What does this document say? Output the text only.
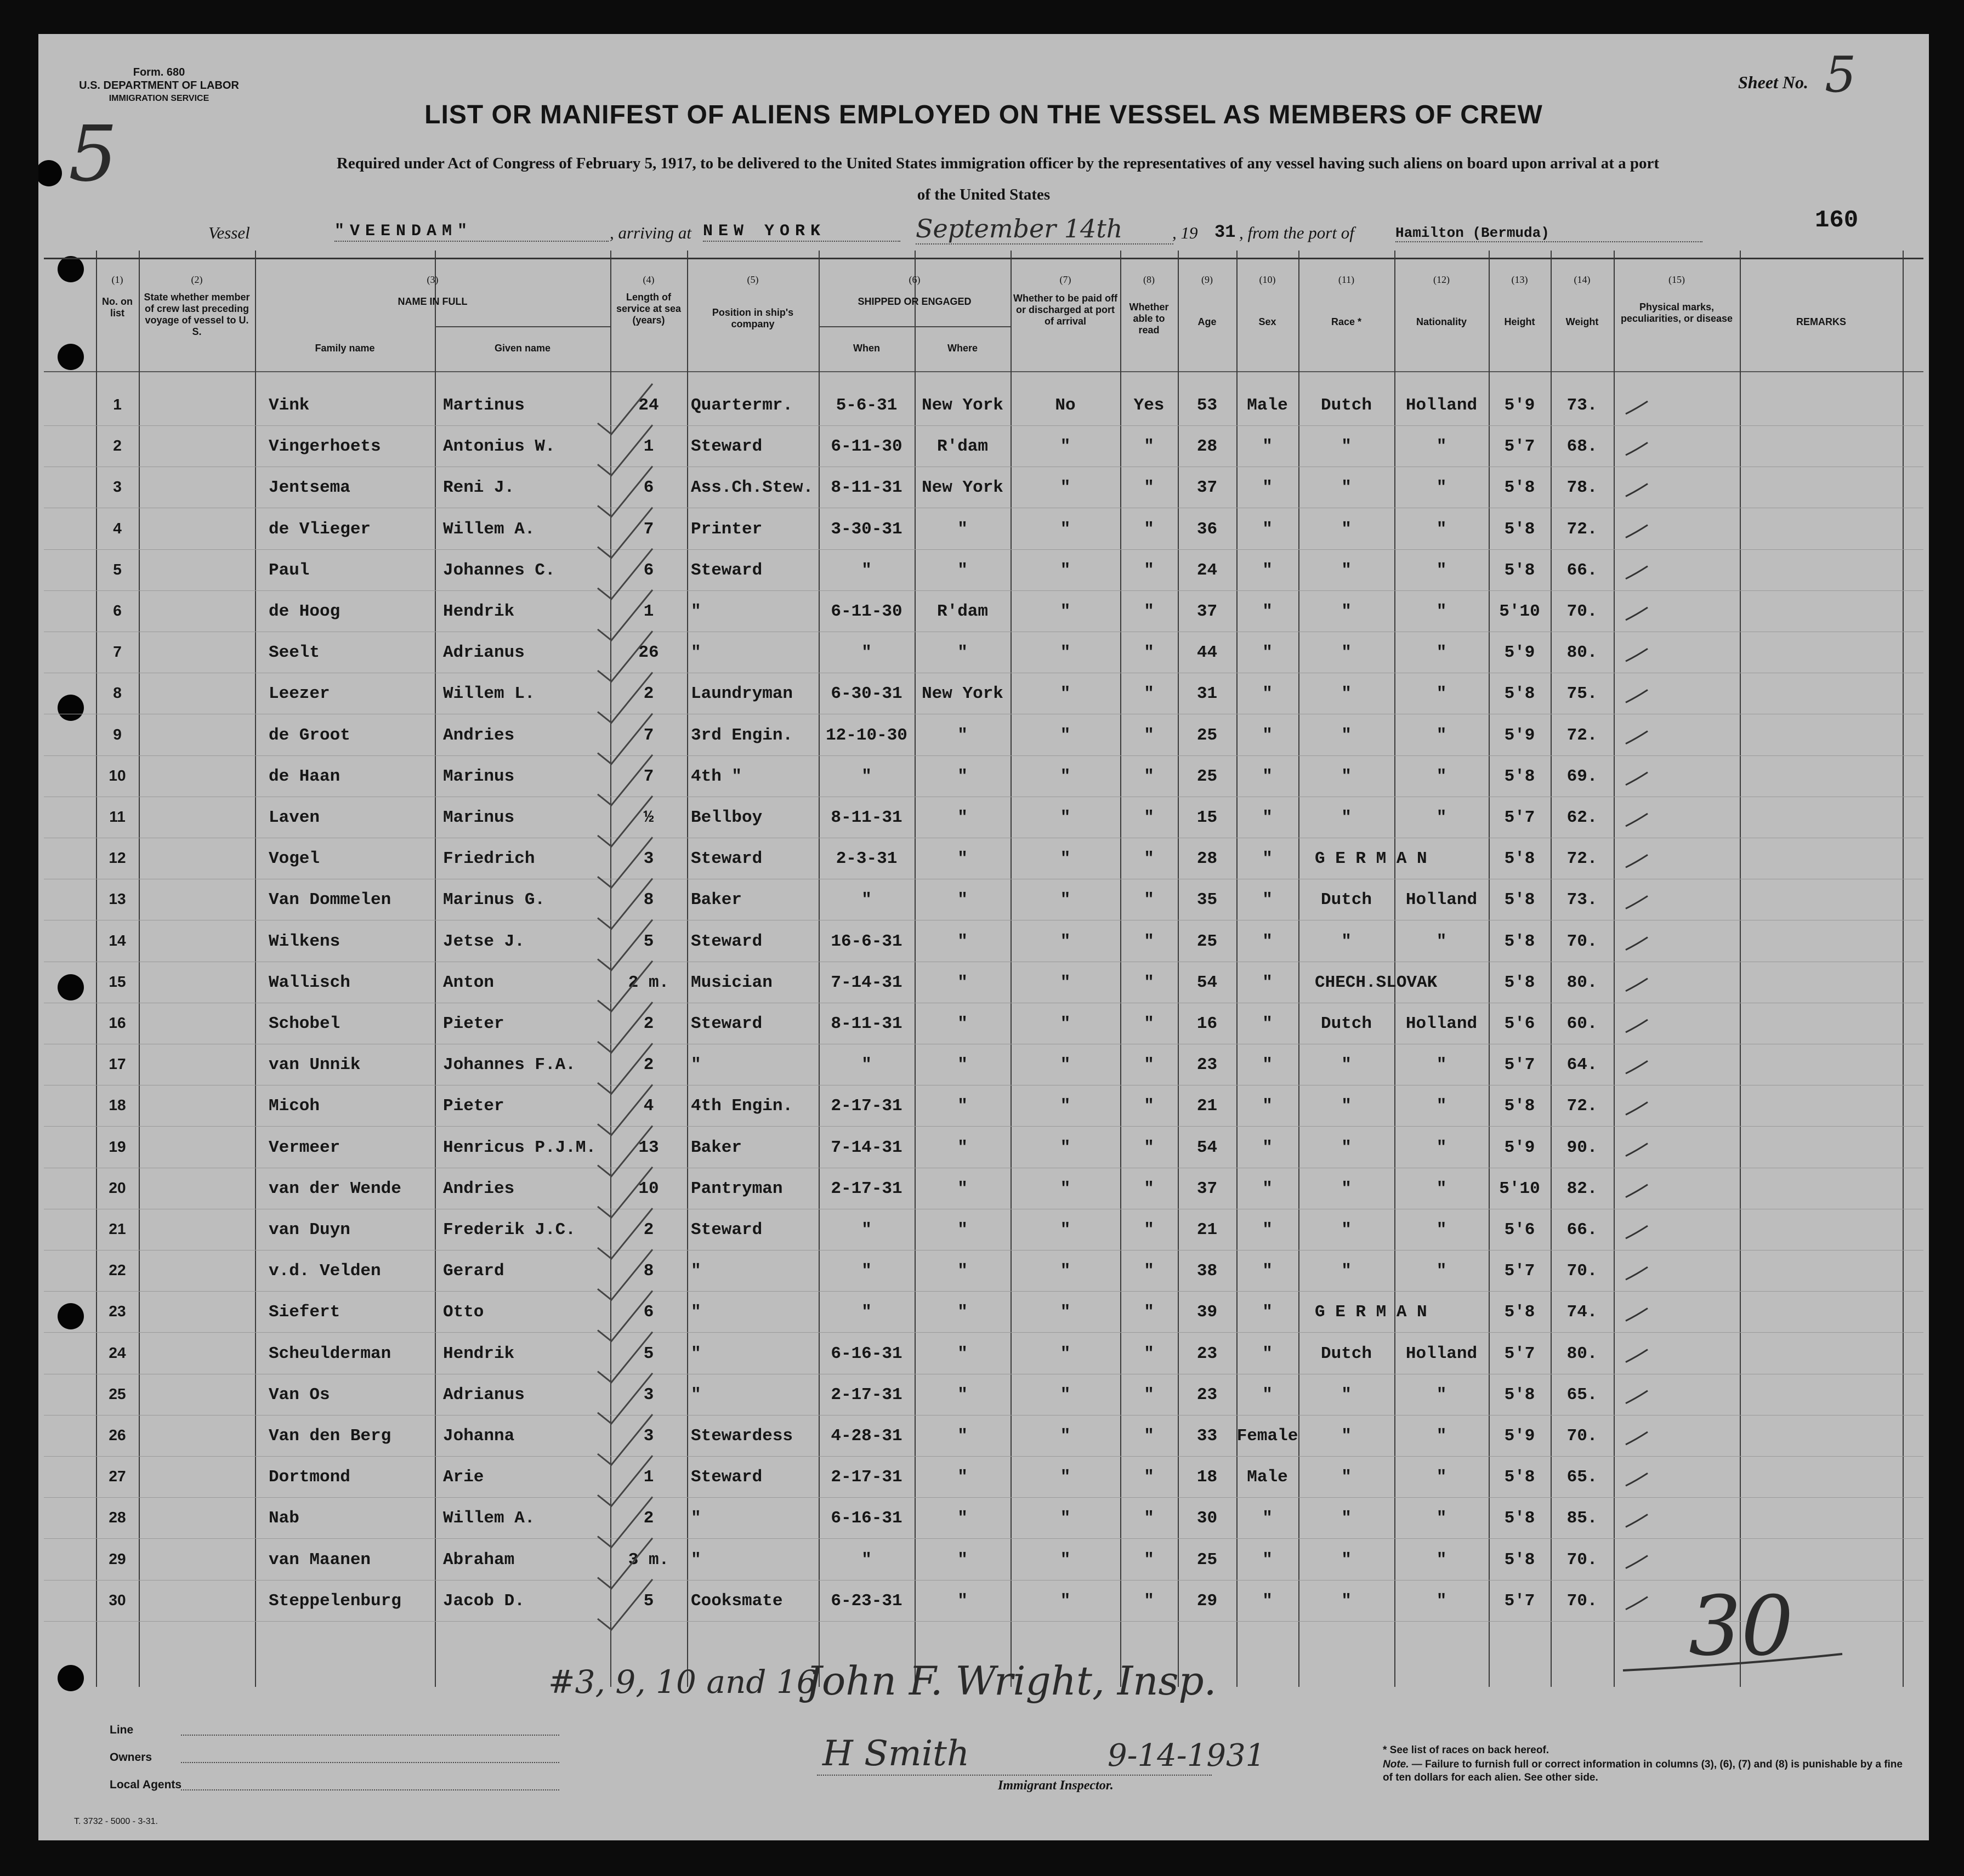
Form. 680
U.S. DEPARTMENT OF LABOR
IMMIGRATION SERVICE
5
Sheet No. 5
LIST OR MANIFEST OF ALIENS EMPLOYED ON THE VESSEL AS MEMBERS OF CREW
Required under Act of Congress of February 5, 1917, to be delivered to the United States immigration officer by the representatives of any vessel having such aliens on board upon arrival at a port
of the United States
Vessel	"VEENDAM"	, arriving at NEW YORK	September 14th	, 19 31 , from the port of	Hamilton (Bermuda)	160
(1)	(2)	(3)	(4)	(5)	(6)	(7)	(8)	(9)	(10)	(11)	(12)	(13)	(14)	(15)
No. on list
State whether member of crew last preceding voyage of vessel to U. S.
NAME IN FULL
Family name	Given name
Length of service at sea (years)
Position in ship's company
SHIPPED OR ENGAGED
When	Where
Whether to be paid off or discharged at port of arrival
Whether able to read
Age	Sex	Race *	Nationality	Height	Weight
Physical marks, peculiarities, or disease	REMARKS
1	Vink	Martinus	24	Quartermr.	5-6-31	New York	No	Yes	53	Male	Dutch	Holland	5'9	73.
2	Vingerhoets	Antonius W.	1	Steward	6-11-30	R'dam	"	"	28	"	"	"	5'7	68.
3	Jentsema	Reni J.	6	Ass.Ch.Stew.	8-11-31	New York	"	"	37	"	"	"	5'8	78.
4	de Vlieger	Willem A.	7	Printer	3-30-31	"	"	"	36	"	"	"	5'8	72.
5	Paul	Johannes C.	6	Steward	"	"	"	"	24	"	"	"	5'8	66.
6	de Hoog	Hendrik	1	"	6-11-30	R'dam	"	"	37	"	"	"	5'10	70.
7	Seelt	Adrianus	26	"	"	"	"	"	44	"	"	"	5'9	80.
8	Leezer	Willem L.	2	Laundryman	6-30-31	New York	"	"	31	"	"	"	5'8	75.
9	de Groot	Andries	7	3rd Engin.	12-10-30	"	"	"	25	"	"	"	5'9	72.
10	de Haan	Marinus	7	4th "	"	"	"	"	25	"	"	"	5'8	69.
11	Laven	Marinus	½	Bellboy	8-11-31	"	"	"	15	"	"	"	5'7	62.
12	Vogel	Friedrich	3	Steward	2-3-31	"	"	"	28	"	G E R M A N	5'8	72.
13	Van Dommelen	Marinus G.	8	Baker	"	"	"	"	35	"	Dutch	Holland	5'8	73.
14	Wilkens	Jetse J.	5	Steward	16-6-31	"	"	"	25	"	"	"	5'8	70.
15	Wallisch	Anton	2 m.	Musician	7-14-31	"	"	"	54	"	CHECH.SLOVAK	5'8	80.
16	Schobel	Pieter	2	Steward	8-11-31	"	"	"	16	"	Dutch	Holland	5'6	60.
17	van Unnik	Johannes F.A.	2	"	"	"	"	"	23	"	"	"	5'7	64.
18	Micoh	Pieter	4	4th Engin.	2-17-31	"	"	"	21	"	"	"	5'8	72.
19	Vermeer	Henricus P.J.M.	13	Baker	7-14-31	"	"	"	54	"	"	"	5'9	90.
20	van der Wende	Andries	10	Pantryman	2-17-31	"	"	"	37	"	"	"	5'10	82.
21	van Duyn	Frederik J.C.	2	Steward	"	"	"	"	21	"	"	"	5'6	66.
22	v.d. Velden	Gerard	8	"	"	"	"	"	38	"	"	"	5'7	70.
23	Siefert	Otto	6	"	"	"	"	"	39	"	G E R M A N	5'8	74.
24	Scheulderman	Hendrik	5	"	6-16-31	"	"	"	23	"	Dutch	Holland	5'7	80.
25	Van Os	Adrianus	3	"	2-17-31	"	"	"	23	"	"	"	5'8	65.
26	Van den Berg	Johanna	3	Stewardess	4-28-31	"	"	"	33	Female	"	"	5'9	70.
27	Dortmond	Arie	1	Steward	2-17-31	"	"	"	18	Male	"	"	5'8	65.
28	Nab	Willem A.	2	"	6-16-31	"	"	"	30	"	"	"	5'8	85.
29	van Maanen	Abraham	3 m.	"	"	"	"	"	25	"	"	"	5'8	70.
30	Steppelenburg	Jacob D.	5	Cooksmate	6-23-31	"	"	"	29	"	"	"	5'7	70. 30
#3, 9, 10 and 16
John F. Wright, Insp.
H Smith	9-14-1931
Immigrant Inspector.
Line
Owners
Local Agents
T. 3732 - 5000 - 3-31.
* See list of races on back hereof.
Note. — Failure to furnish full or correct information in columns (3), (6), (7) and (8) is punishable by a fine of ten dollars for each alien. See other side.
